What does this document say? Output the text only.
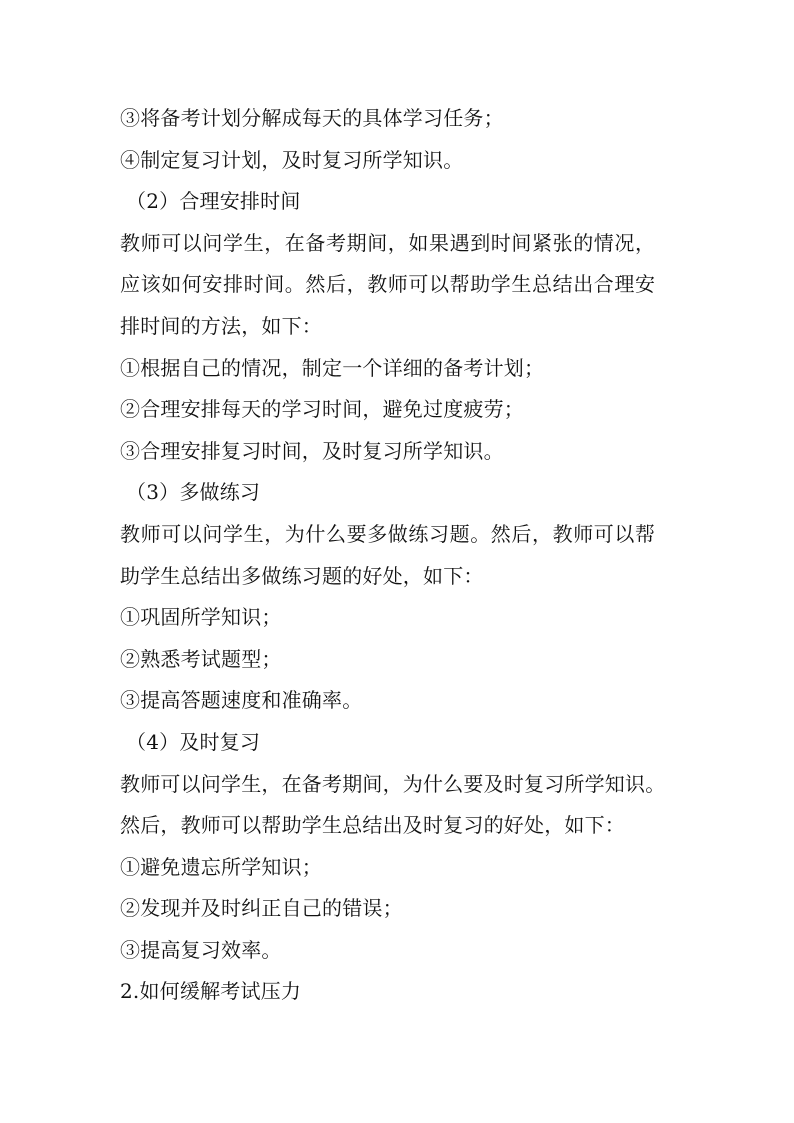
③将备考计划分解成每天的具体学习任务；
④制定复习计划，及时复习所学知识。
（2）合理安排时间
教师可以问学生，在备考期间，如果遇到时间紧张的情况，
应该如何安排时间。然后，教师可以帮助学生总结出合理安
排时间的方法，如下：
①根据自己的情况，制定一个详细的备考计划；
②合理安排每天的学习时间，避免过度疲劳；
③合理安排复习时间，及时复习所学知识。
（3）多做练习
教师可以问学生，为什么要多做练习题。然后，教师可以帮
助学生总结出多做练习题的好处，如下：
①巩固所学知识；
②熟悉考试题型；
③提高答题速度和准确率。
（4）及时复习
教师可以问学生，在备考期间，为什么要及时复习所学知识。
然后，教师可以帮助学生总结出及时复习的好处，如下：
①避免遗忘所学知识；
②发现并及时纠正自己的错误；
③提高复习效率。
2.如何缓解考试压力
